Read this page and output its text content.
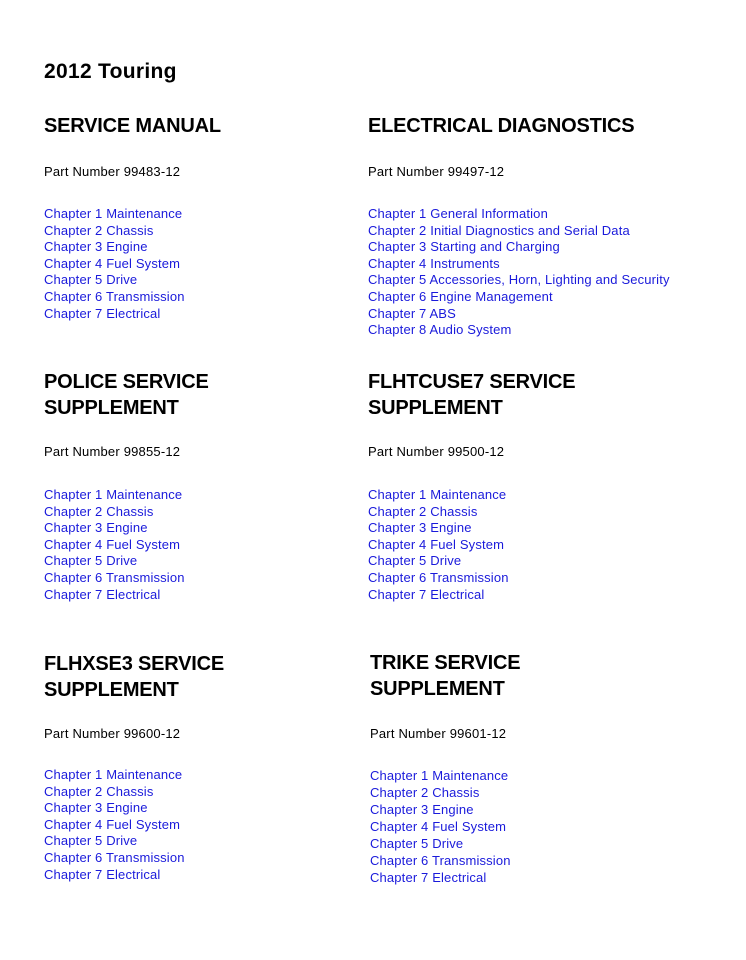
2012 Touring
SERVICE MANUAL
Part Number 99483-12
Chapter 1 Maintenance
Chapter 2 Chassis
Chapter 3 Engine
Chapter 4 Fuel System
Chapter 5 Drive
Chapter 6 Transmission
Chapter 7 Electrical
ELECTRICAL DIAGNOSTICS
Part Number 99497-12
Chapter 1 General Information
Chapter 2 Initial Diagnostics and Serial Data
Chapter 3 Starting and Charging
Chapter 4 Instruments
Chapter 5 Accessories, Horn, Lighting and Security
Chapter 6 Engine Management
Chapter 7 ABS
Chapter 8 Audio System
POLICE SERVICE
SUPPLEMENT
Part Number 99855-12
Chapter 1 Maintenance
Chapter 2 Chassis
Chapter 3 Engine
Chapter 4 Fuel System
Chapter 5 Drive
Chapter 6 Transmission
Chapter 7 Electrical
FLHTCUSE7 SERVICE
SUPPLEMENT
Part Number 99500-12
Chapter 1 Maintenance
Chapter 2 Chassis
Chapter 3 Engine
Chapter 4 Fuel System
Chapter 5 Drive
Chapter 6 Transmission
Chapter 7 Electrical
FLHXSE3 SERVICE
SUPPLEMENT
Part Number 99600-12
Chapter 1 Maintenance
Chapter 2 Chassis
Chapter 3 Engine
Chapter 4 Fuel System
Chapter 5 Drive
Chapter 6 Transmission
Chapter 7 Electrical
TRIKE SERVICE
SUPPLEMENT
Part Number 99601-12
Chapter 1 Maintenance
Chapter 2 Chassis
Chapter 3 Engine
Chapter 4 Fuel System
Chapter 5 Drive
Chapter 6 Transmission
Chapter 7 Electrical
